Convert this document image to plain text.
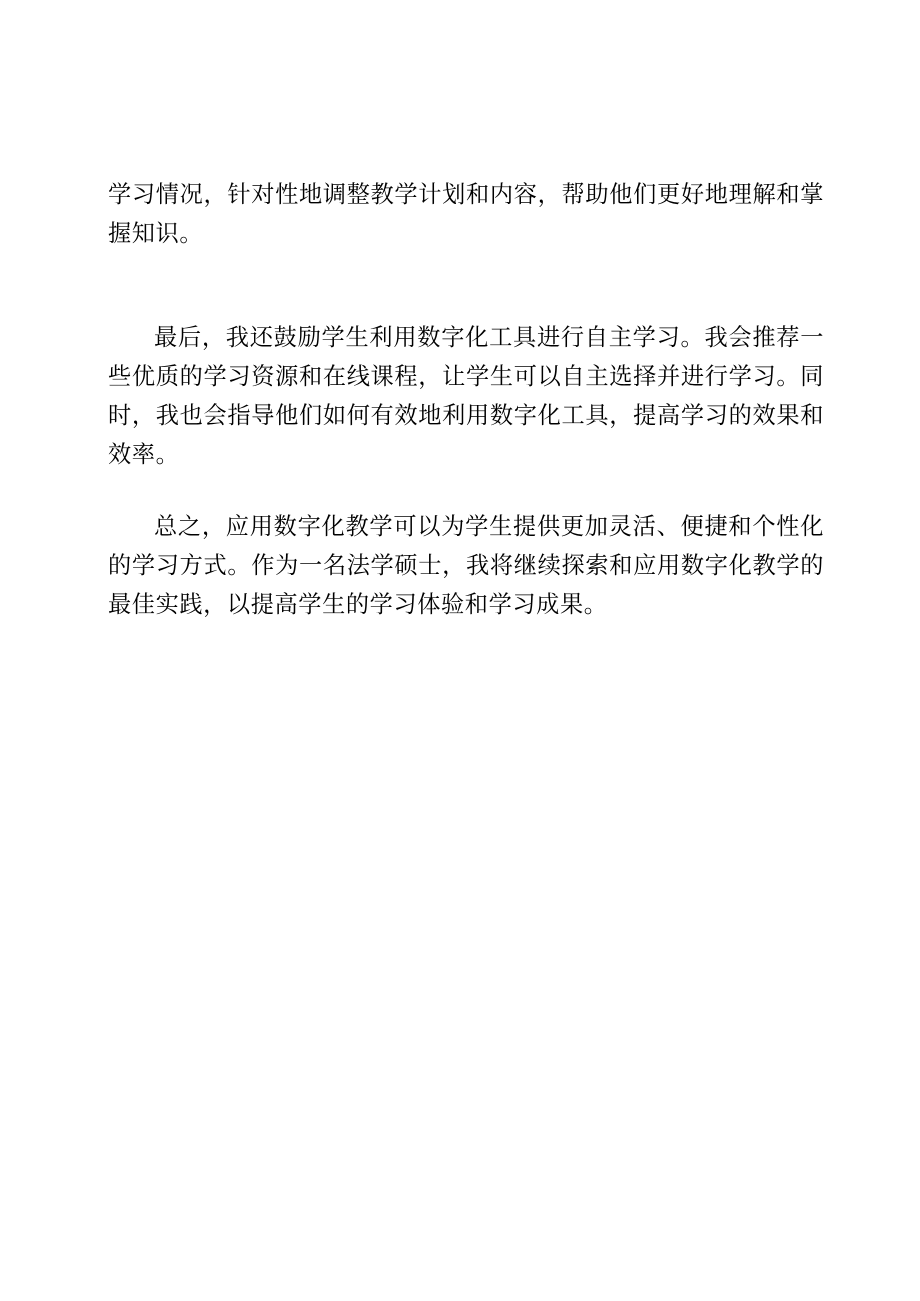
学习情况，针对性地调整教学计划和内容，帮助他们更好地理解和掌握知识。

最后，我还鼓励学生利用数字化工具进行自主学习。我会推荐一些优质的学习资源和在线课程，让学生可以自主选择并进行学习。同时，我也会指导他们如何有效地利用数字化工具，提高学习的效果和效率。

总之，应用数字化教学可以为学生提供更加灵活、便捷和个性化的学习方式。作为一名法学硕士，我将继续探索和应用数字化教学的最佳实践，以提高学生的学习体验和学习成果。
